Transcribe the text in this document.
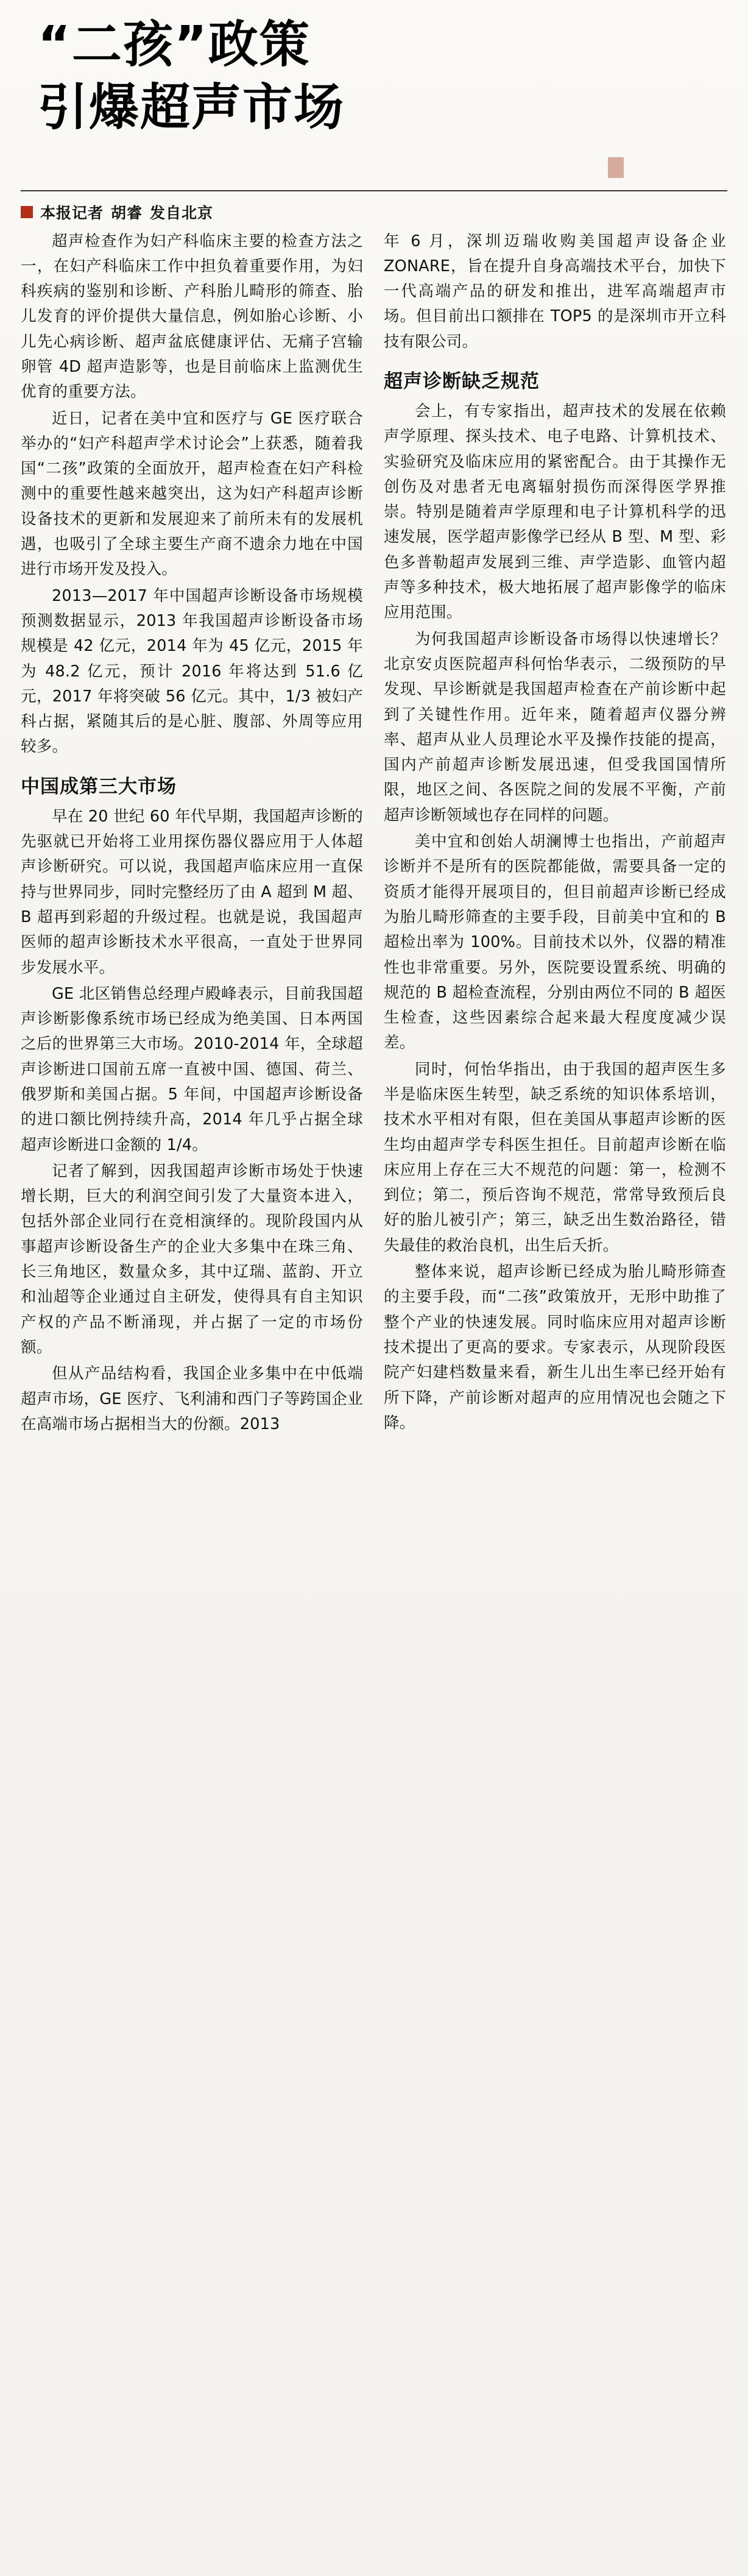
“二孩”政策
引爆超声市场
本报记者 胡睿 发自北京

超声检查作为妇产科临床主要的检查方法之一，在妇产科临床工作中担负着重要作用，为妇科疾病的鉴别和诊断、产科胎儿畸形的筛查、胎儿发育的评价提供大量信息，例如胎心诊断、小儿先心病诊断、超声盆底健康评估、无痛子宫输卵管 4D 超声造影等，也是目前临床上监测优生优育的重要方法。

近日，记者在美中宜和医疗与 GE 医疗联合举办的“妇产科超声学术讨论会”上获悉，随着我国“二孩”政策的全面放开，超声检查在妇产科检测中的重要性越来越突出，这为妇产科超声诊断设备技术的更新和发展迎来了前所未有的发展机遇，也吸引了全球主要生产商不遗余力地在中国进行市场开发及投入。

2013—2017 年中国超声诊断设备市场规模预测数据显示，2013 年我国超声诊断设备市场规模是 42 亿元，2014 年为 45 亿元，2015 年为 48.2 亿元，预计 2016 年将达到 51.6 亿元，2017 年将突破 56 亿元。其中，1/3 被妇产科占据，紧随其后的是心脏、腹部、外周等应用较多。

中国成第三大市场

早在 20 世纪 60 年代早期，我国超声诊断的先驱就已开始将工业用探伤器仪器应用于人体超声诊断研究。可以说，我国超声临床应用一直保持与世界同步，同时完整经历了由 A 超到 M 超、B 超再到彩超的升级过程。也就是说，我国超声医师的超声诊断技术水平很高，一直处于世界同步发展水平。

GE 北区销售总经理卢殿峰表示，目前我国超声诊断影像系统市场已经成为绝美国、日本两国之后的世界第三大市场。2010-2014 年，全球超声诊断进口国前五席一直被中国、德国、荷兰、俄罗斯和美国占据。5 年间，中国超声诊断设备的进口额比例持续升高，2014 年几乎占据全球超声诊断进口金额的 1/4。

记者了解到，因我国超声诊断市场处于快速增长期，巨大的利润空间引发了大量资本进入，包括外部企业同行在竞相演绎的。现阶段国内从事超声诊断设备生产的企业大多集中在珠三角、长三角地区，数量众多，其中辽瑞、蓝韵、开立和汕超等企业通过自主研发，使得具有自主知识产权的产品不断涌现，并占据了一定的市场份额。

但从产品结构看，我国企业多集中在中低端超声市场，GE 医疗、飞利浦和西门子等跨国企业在高端市场占据相当大的份额。2013

年 6 月，深圳迈瑞收购美国超声设备企业 ZONARE，旨在提升自身高端技术平台，加快下一代高端产品的研发和推出，进军高端超声市场。但目前出口额排在 TOP5 的是深圳市开立科技有限公司。

超声诊断缺乏规范

会上，有专家指出，超声技术的发展在依赖声学原理、探头技术、电子电路、计算机技术、实验研究及临床应用的紧密配合。由于其操作无创伤及对患者无电离辐射损伤而深得医学界推崇。特别是随着声学原理和电子计算机科学的迅速发展，医学超声影像学已经从 B 型、M 型、彩色多普勒超声发展到三维、声学造影、血管内超声等多种技术，极大地拓展了超声影像学的临床应用范围。

为何我国超声诊断设备市场得以快速增长？北京安贞医院超声科何怡华表示，二级预防的早发现、早诊断就是我国超声检查在产前诊断中起到了关键性作用。近年来，随着超声仪器分辨率、超声从业人员理论水平及操作技能的提高，国内产前超声诊断发展迅速，但受我国国情所限，地区之间、各医院之间的发展不平衡，产前超声诊断领域也存在同样的问题。

美中宜和创始人胡澜博士也指出，产前超声诊断并不是所有的医院都能做，需要具备一定的资质才能得开展项目的，但目前超声诊断已经成为胎儿畸形筛查的主要手段，目前美中宜和的 B 超检出率为 100%。目前技术以外，仪器的精准性也非常重要。另外，医院要设置系统、明确的规范的 B 超检查流程，分别由两位不同的 B 超医生检查，这些因素综合起来最大程度度减少误差。

同时，何怡华指出，由于我国的超声医生多半是临床医生转型，缺乏系统的知识体系培训，技术水平相对有限，但在美国从事超声诊断的医生均由超声学专科医生担任。目前超声诊断在临床应用上存在三大不规范的问题：第一，检测不到位；第二，预后咨询不规范，常常导致预后良好的胎儿被引产；第三，缺乏出生数治路径，错失最佳的救治良机，出生后夭折。

整体来说，超声诊断已经成为胎儿畸形筛查的主要手段，而“二孩”政策放开，无形中助推了整个产业的快速发展。同时临床应用对超声诊断技术提出了更高的要求。专家表示，从现阶段医院产妇建档数量来看，新生儿出生率已经开始有所下降，产前诊断对超声的应用情况也会随之下降。
